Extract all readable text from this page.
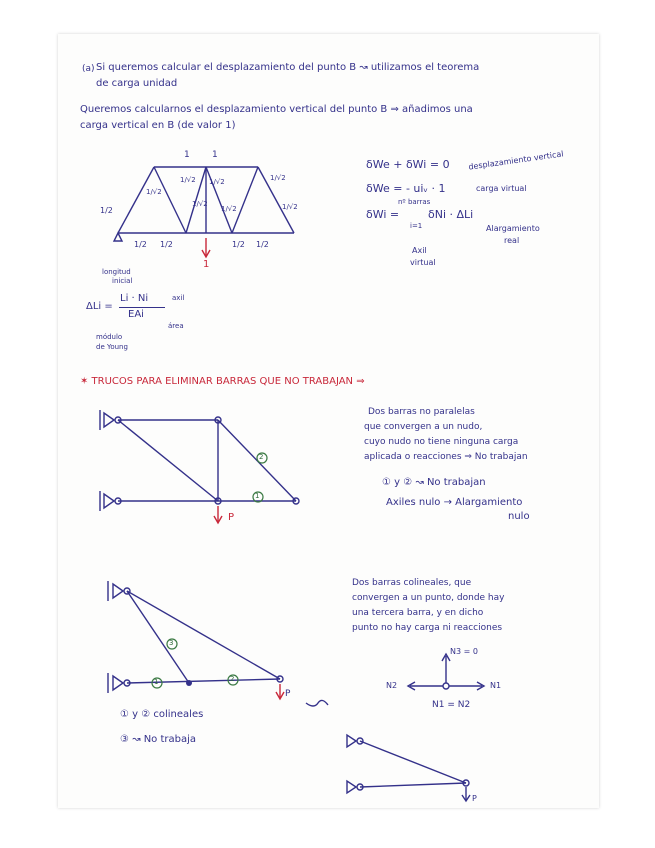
(a) Si queremos calcular el desplazamiento del punto B ↝ utilizamos el teorema
de carga unidad
Queremos calcularnos el desplazamiento vertical del punto B ⇒ añadimos una
carga vertical en B (de valor 1)
1 1
1/√2
1/√2 1/√2
1/√2
1/√2
1/√2
1/√2
1/2
1/2 1/2	1/2 1/2
1
δWe + δWi = 0 desplazamiento vertical
δWe = - uiᵥ · 1	carga virtual
δWi =
nº barras
i=1
δNi · ΔLi
Alargamiento
real
Axil
virtual
longitud
inicial
ΔLi =
Li · Ni
EAi
axil
área
módulo
de Young
✶ TRUCOS PARA ELIMINAR BARRAS QUE NO TRABAJAN ⇒
Dos barras no paralelas
que convergen a un nudo,
cuyo nudo no tiene ninguna carga
aplicada o reacciones ⇒ No trabajan
① y ② ↝ No trabajan
Axiles nulo → Alargamiento
nulo
P
2
1
Dos barras colineales, que
convergen a un punto, donde hay
una tercera barra, y en dicho
punto no hay carga ni reacciones
N3 = 0
N2	N1
N1 = N2
P
3
1	2
① y ② colineales
③ ↝ No trabaja
P
